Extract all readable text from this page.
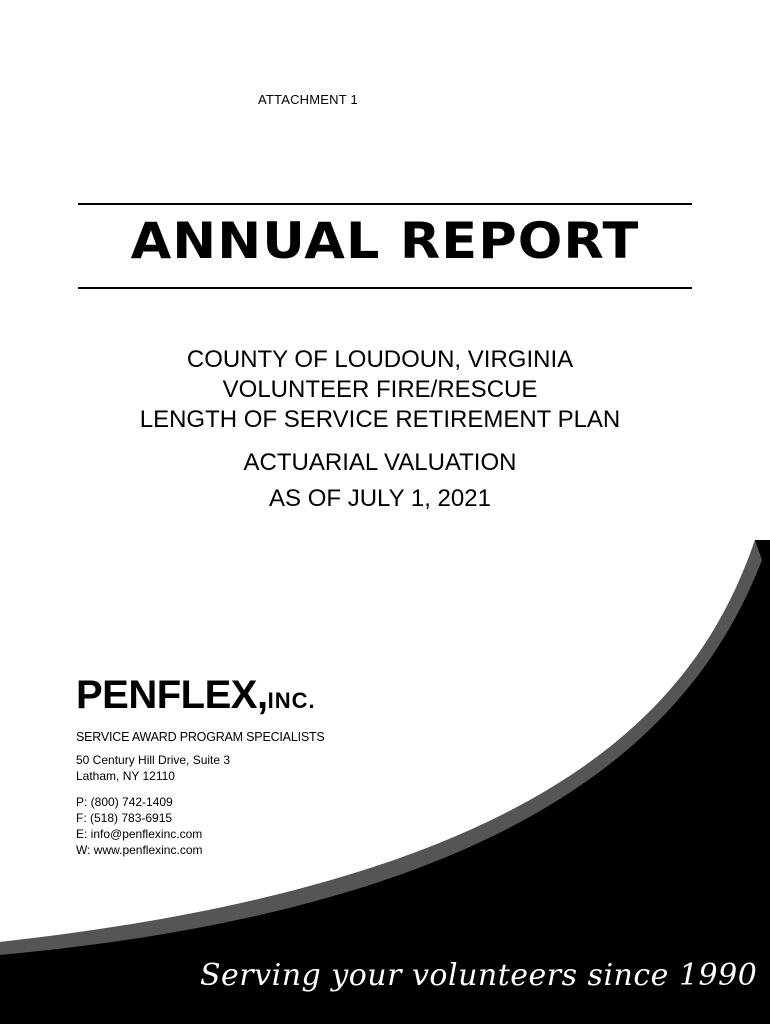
ATTACHMENT 1
ANNUAL REPORT
COUNTY OF LOUDOUN, VIRGINIA
VOLUNTEER FIRE/RESCUE
LENGTH OF SERVICE RETIREMENT PLAN
ACTUARIAL VALUATION
AS OF JULY 1, 2021
PENFLEX,INC.
SERVICE AWARD PROGRAM SPECIALISTS
50 Century Hill Drive, Suite 3
Latham, NY 12110
P: (800) 742-1409
F: (518) 783-6915
E: info@penflexinc.com
W: www.penflexinc.com
Serving your volunteers since 1990
